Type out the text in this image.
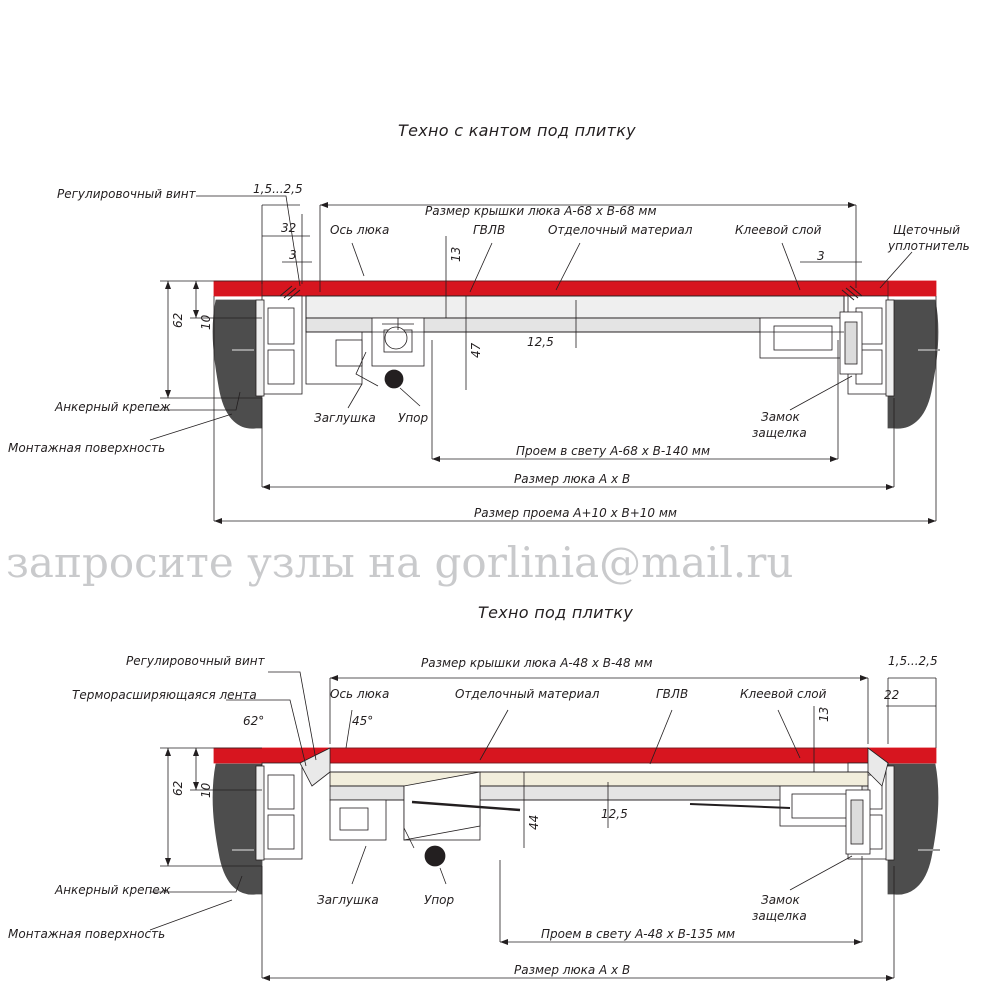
Техно с кантом под плитку
Регулировочный винт	1,5...2,5
32
3
Ось люка	ГВЛВ	Отделочный материал	Клеевой слой
3
Щеточный
уплотнитель
Размер крышки люка А-68 х В-68 мм
13
47
12,5
62 10
Анкерный крепеж
Монтажная поверхность
Заглушка Упор	Замок
защелка
Проем в свету А-68 х В-140 мм
Размер люка А х В
Размер проема А+10 х В+10 мм
запросите узлы на gorlinia@mail.ru
Техно под плитку
Регулировочный винт
Терморасширяющаяся лента
62°	45°
Ось люка	Отделочный материал	ГВЛВ	Клеевой слой
Размер крышки люка А-48 х В-48 мм	1,5...2,5
22
13
44
12,5
62 10
Анкерный крепеж
Монтажная поверхность
Заглушка	Упор	Замок
защелка
Проем в свету А-48 х В-135 мм
Размер люка А х В
